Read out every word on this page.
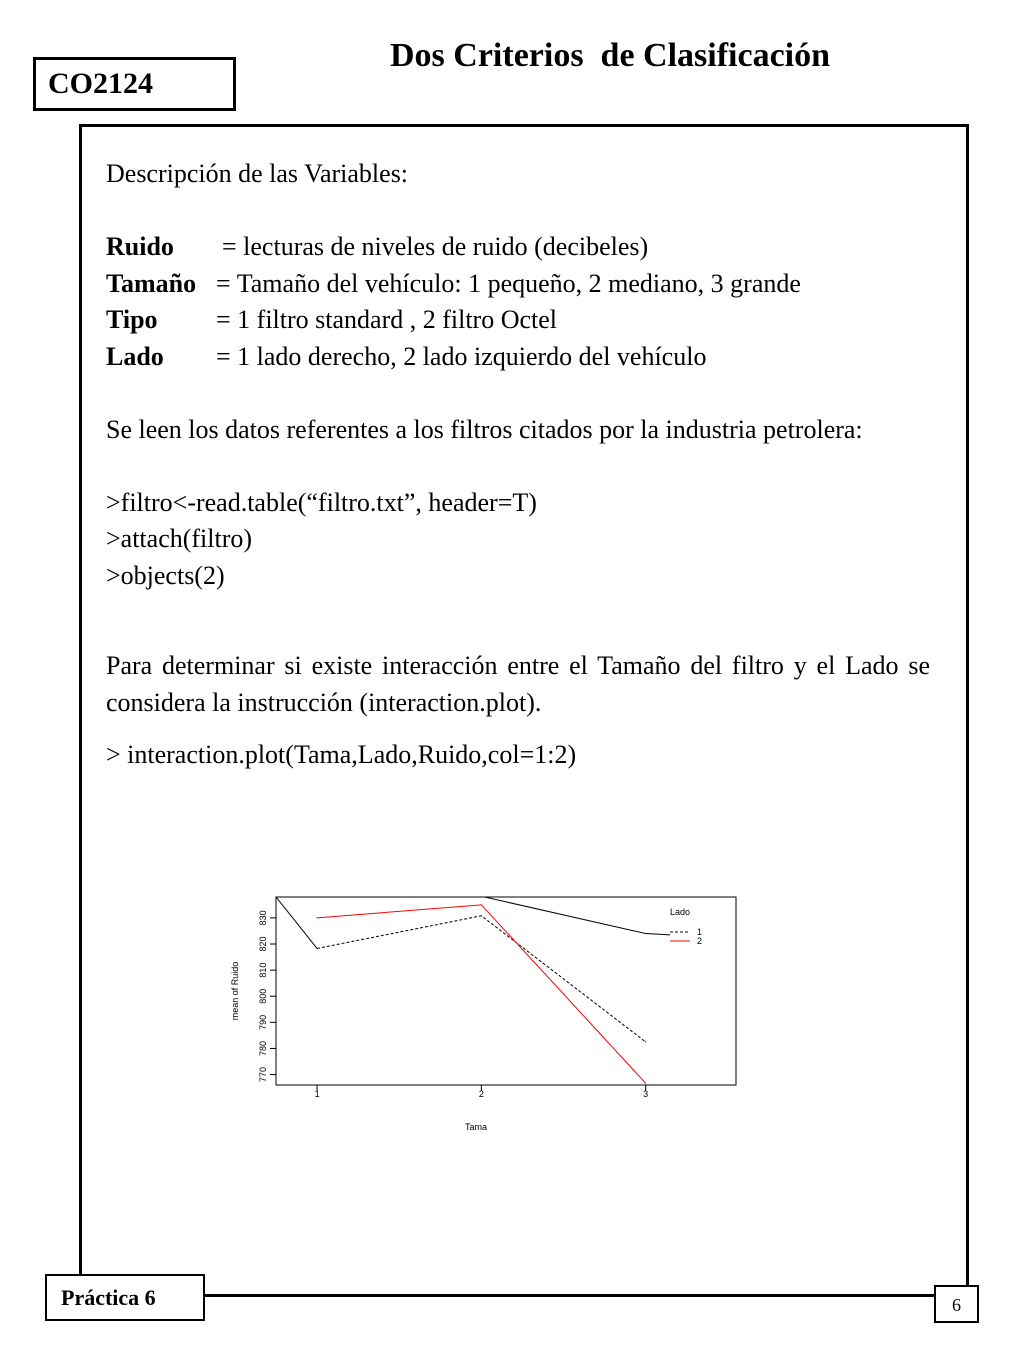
CO2124
Dos Criterios  de Clasificación
Descripción de las Variables:
Ruido = lecturas de niveles de ruido (decibeles)
Tamaño = Tamaño del vehículo: 1 pequeño, 2 mediano, 3 grande
Tipo = 1 filtro standard , 2 filtro Octel
Lado = 1 lado derecho, 2 lado izquierdo del vehículo
Se leen los datos referentes a los filtros citados por la industria petrolera:
>filtro<-read.table(“filtro.txt”, header=T)
>attach(filtro)
>objects(2)
Para determinar si existe interacción entre el Tamaño del filtro y el Lado se considera la instrucción (interaction.plot).
> interaction.plot(Tama,Lado,Ruido,col=1:2)
770
780
790
800
810
820
830
1	2	3
Tama
mean of Ruido
Lado
1
2
Práctica 6	6
